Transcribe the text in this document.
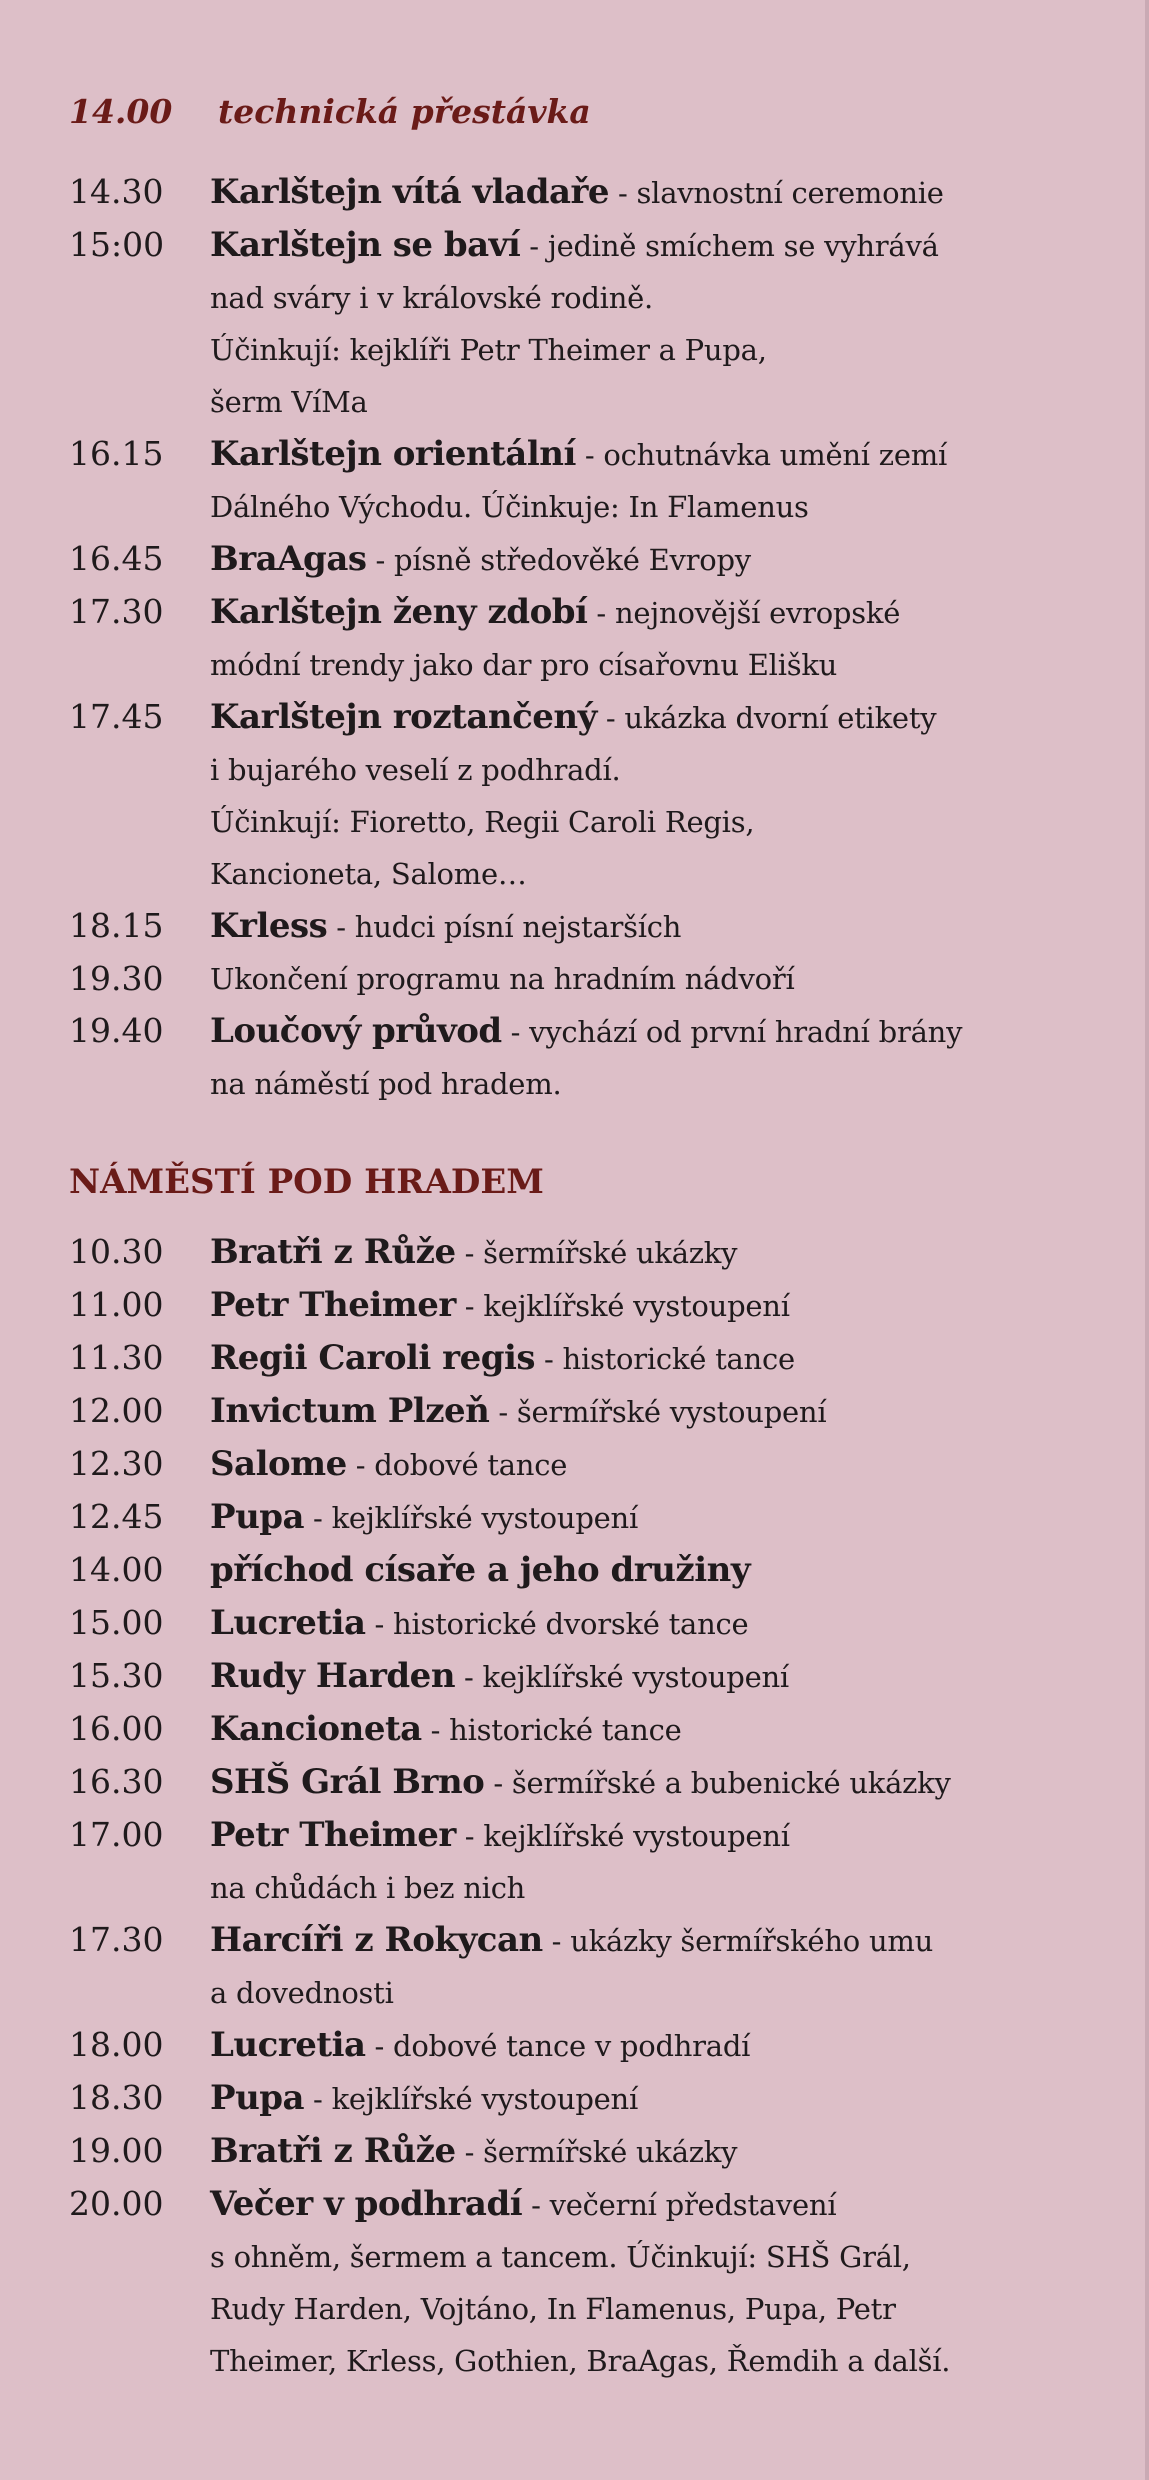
14.00	technická přestávka
14.30	Karlštejn vítá vladaře - slavnostní ceremonie
15:00	Karlštejn se baví - jedině smíchem se vyhrává
nad sváry i v královské rodině.
Účinkují: kejklíři Petr Theimer a Pupa,
šerm VíMa
16.15	Karlštejn orientální - ochutnávka umění zemí
Dálného Východu. Účinkuje: In Flamenus
16.45	BraAgas - písně středověké Evropy
17.30	Karlštejn ženy zdobí - nejnovější evropské
módní trendy jako dar pro císařovnu Elišku
17.45	Karlštejn roztančený - ukázka dvorní etikety
i bujarého veselí z podhradí.
Účinkují: Fioretto, Regii Caroli Regis,
Kancioneta, Salome…
18.15	Krless - hudci písní nejstarších
19.30	Ukončení programu na hradním nádvoří
19.40	Loučový průvod - vychází od první hradní brány
na náměstí pod hradem.
NÁMĚSTÍ POD HRADEM
10.30	Bratři z Růže - šermířské ukázky
11.00	Petr Theimer - kejklířské vystoupení
11.30	Regii Caroli regis - historické tance
12.00	Invictum Plzeň - šermířské vystoupení
12.30	Salome - dobové tance
12.45	Pupa - kejklířské vystoupení
14.00	příchod císaře a jeho družiny
15.00	Lucretia - historické dvorské tance
15.30	Rudy Harden - kejklířské vystoupení
16.00	Kancioneta - historické tance
16.30	SHŠ Grál Brno - šermířské a bubenické ukázky
17.00	Petr Theimer - kejklířské vystoupení
na chůdách i bez nich
17.30	Harcíři z Rokycan - ukázky šermířského umu
a dovednosti
18.00	Lucretia - dobové tance v podhradí
18.30	Pupa - kejklířské vystoupení
19.00	Bratři z Růže - šermířské ukázky
20.00	Večer v podhradí - večerní představení
s ohněm, šermem a tancem. Účinkují: SHŠ Grál,
Rudy Harden, Vojtáno, In Flamenus, Pupa, Petr
Theimer, Krless, Gothien, BraAgas, Řemdih a další.
